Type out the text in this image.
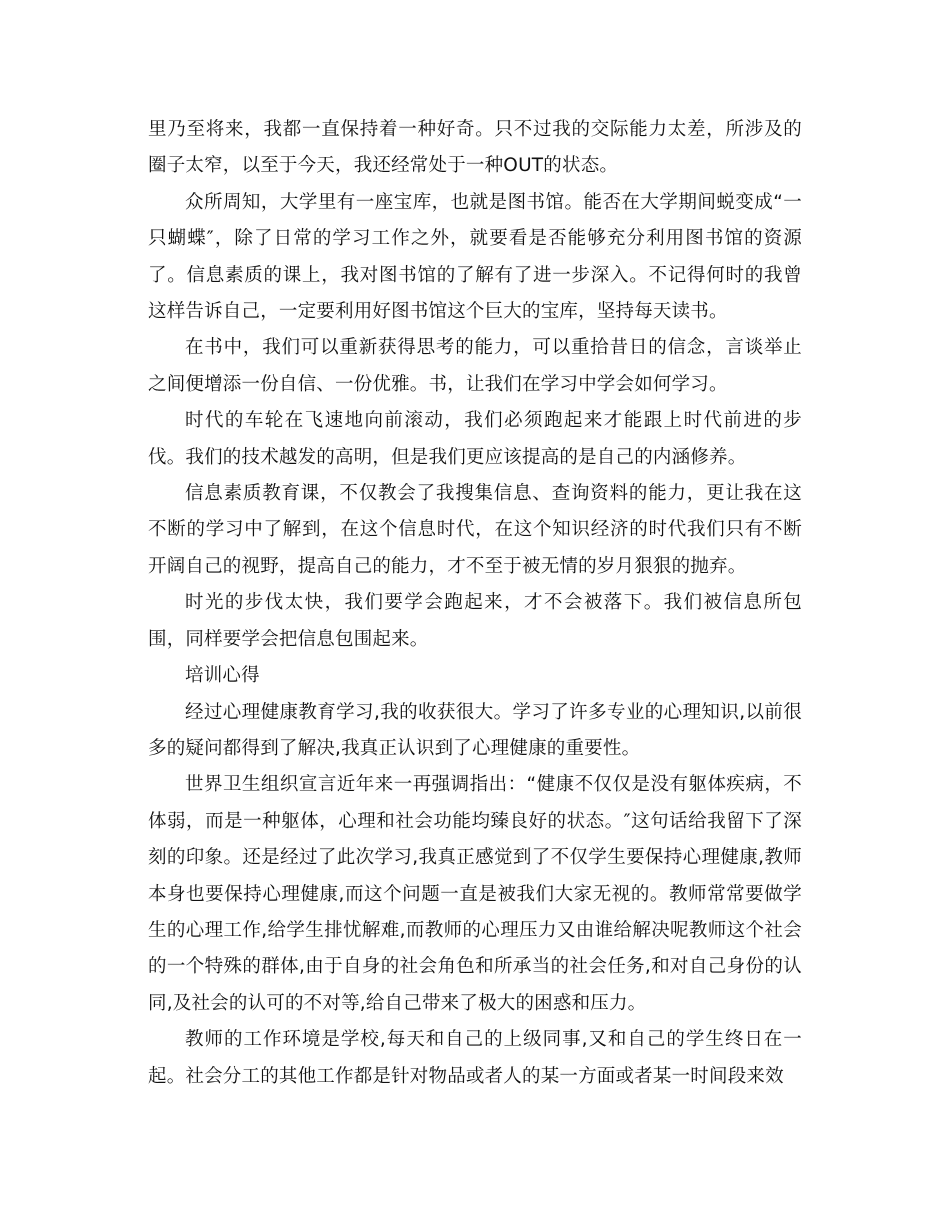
里乃至将来，我都一直保持着一种好奇。只不过我的交际能力太差，所涉及的圈子太窄，以至于今天，我还经常处于一种OUT的状态。

众所周知，大学里有一座宝库，也就是图书馆。能否在大学期间蜕变成“一只蝴蝶″，除了日常的学习工作之外，就要看是否能够充分利用图书馆的资源了。信息素质的课上，我对图书馆的了解有了进一步深入。不记得何时的我曾这样告诉自己，一定要利用好图书馆这个巨大的宝库，坚持每天读书。

在书中，我们可以重新获得思考的能力，可以重拾昔日的信念，言谈举止之间便增添一份自信、一份优雅。书，让我们在学习中学会如何学习。

时代的车轮在飞速地向前滚动，我们必须跑起来才能跟上时代前进的步伐。我们的技术越发的高明，但是我们更应该提高的是自己的内涵修养。

信息素质教育课，不仅教会了我搜集信息、查询资料的能力，更让我在这不断的学习中了解到，在这个信息时代，在这个知识经济的时代我们只有不断开阔自己的视野，提高自己的能力，才不至于被无情的岁月狠狠的抛弃。

时光的步伐太快，我们要学会跑起来，才不会被落下。我们被信息所包围，同样要学会把信息包围起来。

培训心得

经过心理健康教育学习,我的收获很大。学习了许多专业的心理知识,以前很多的疑问都得到了解决,我真正认识到了心理健康的重要性。

世界卫生组织宣言近年来一再强调指出：“健康不仅仅是没有躯体疾病，不体弱，而是一种躯体，心理和社会功能均臻良好的状态。″这句话给我留下了深刻的印象。还是经过了此次学习,我真正感觉到了不仅学生要保持心理健康,教师本身也要保持心理健康,而这个问题一直是被我们大家无视的。教师常常要做学生的心理工作,给学生排忧解难,而教师的心理压力又由谁给解决呢教师这个社会的一个特殊的群体,由于自身的社会角色和所承当的社会任务,和对自己身份的认同,及社会的认可的不对等,给自己带来了极大的困惑和压力。

教师的工作环境是学校,每天和自己的上级同事,又和自己的学生终日在一起。社会分工的其他工作都是针对物品或者人的某一方面或者某一时间段来效
